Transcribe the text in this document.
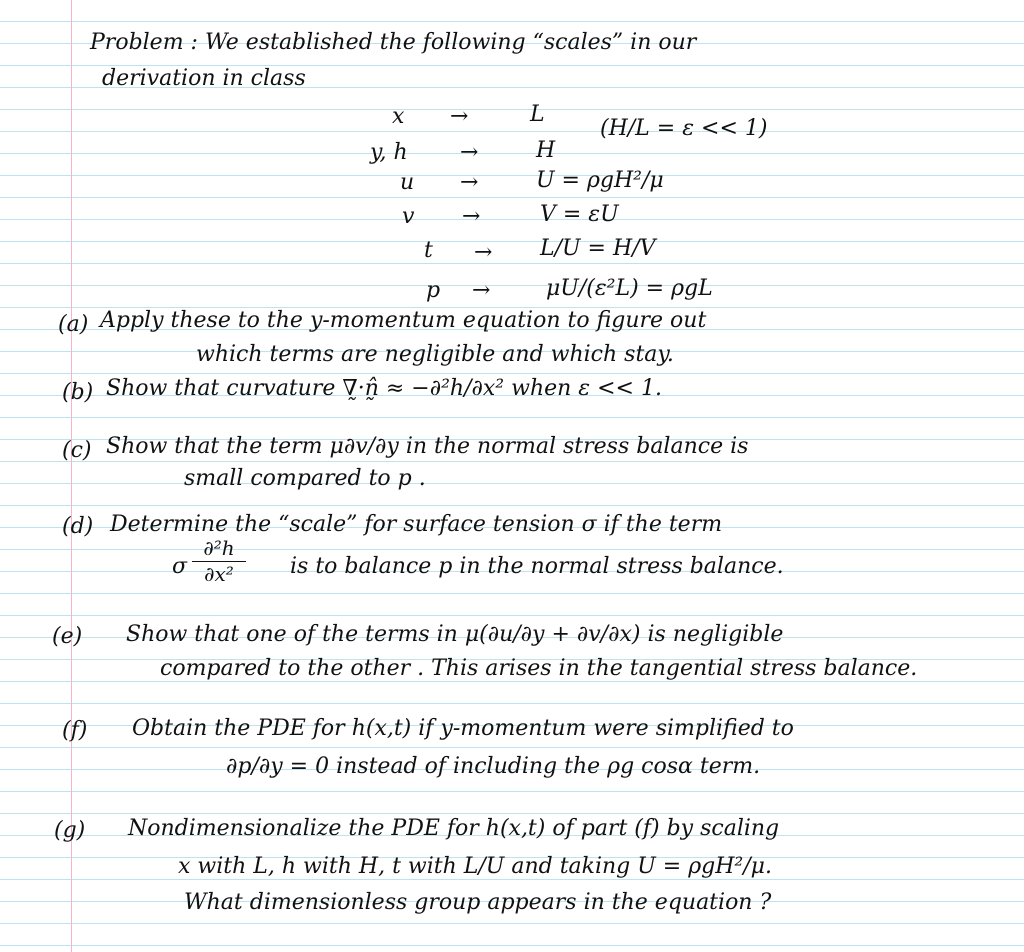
Problem : We established the following “scales” in our
derivation in class
x →	L
y, h →	H
u →	U = ρgH²/μ
v →	V = εU
t → L/U = H/V
p →	μU/(ε²L) = ρgL
(H/L = ε << 1)
(a) Apply these to the y-momentum equation to figure out
which terms are negligible and which stay.
(b) Show that curvature ∇̰·n̰̂ ≈ −∂²h/∂x² when ε << 1.
(c) Show that the term μ∂v/∂y in the normal stress balance is
small compared to p .
(d) Determine the “scale” for surface tension σ if the term
σ
∂²h
∂x²	is to balance p in the normal stress balance.
(e) Show that one of the terms in μ(∂u/∂y + ∂v/∂x) is negligible
compared to the other . This arises in the tangential stress balance.
(f) Obtain the PDE for h(x,t) if y-momentum were simplified to
∂p/∂y = 0 instead of including the ρg cosα term.
(g) Nondimensionalize the PDE for h(x,t) of part (f) by scaling
x with L, h with H, t with L/U and taking U = ρgH²/μ.
What dimensionless group appears in the equation ?
